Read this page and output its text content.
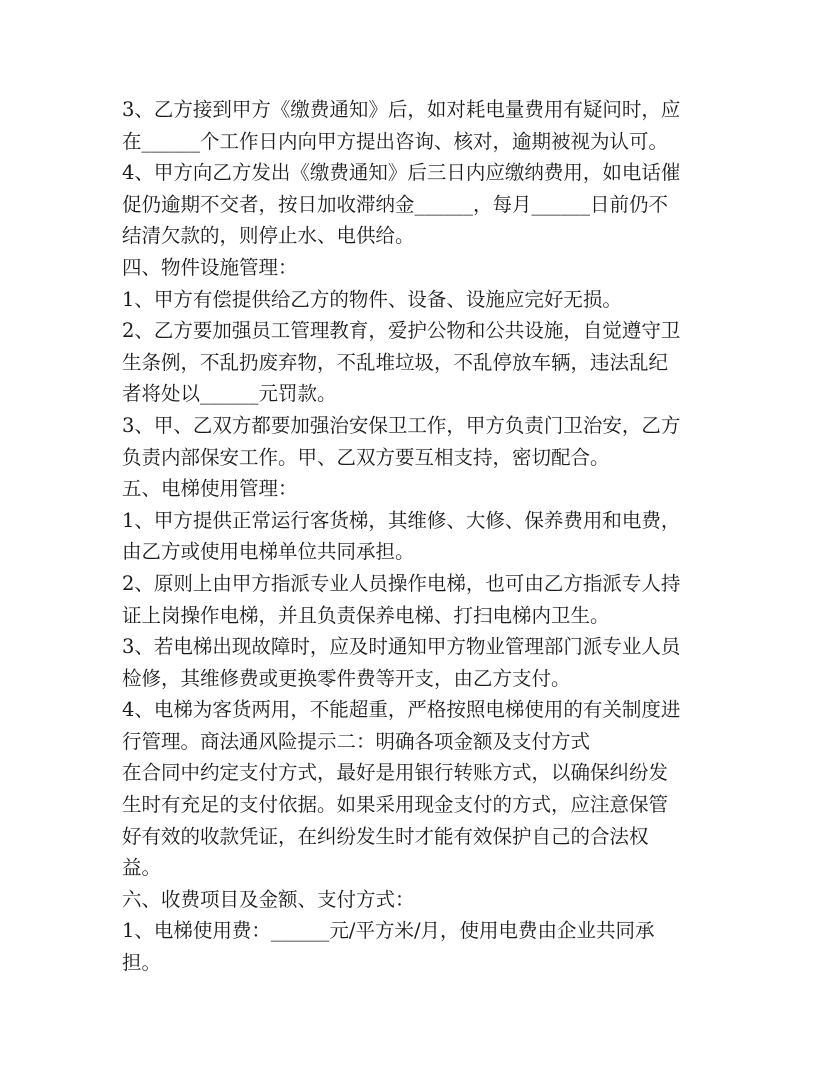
3、乙方接到甲方《缴费通知》后，如对耗电量费用有疑问时，应
在______个工作日内向甲方提出咨询、核对，逾期被视为认可。
4、甲方向乙方发出《缴费通知》后三日内应缴纳费用，如电话催
促仍逾期不交者，按日加收滞纳金______，每月______日前仍不
结清欠款的，则停止水、电供给。
四、物件设施管理：
1、甲方有偿提供给乙方的物件、设备、设施应完好无损。
2、乙方要加强员工管理教育，爱护公物和公共设施，自觉遵守卫
生条例，不乱扔废弃物，不乱堆垃圾，不乱停放车辆，违法乱纪
者将处以______元罚款。
3、甲、乙双方都要加强治安保卫工作，甲方负责门卫治安，乙方
负责内部保安工作。甲、乙双方要互相支持，密切配合。
五、电梯使用管理：
1、甲方提供正常运行客货梯，其维修、大修、保养费用和电费，
由乙方或使用电梯单位共同承担。
2、原则上由甲方指派专业人员操作电梯，也可由乙方指派专人持
证上岗操作电梯，并且负责保养电梯、打扫电梯内卫生。
3、若电梯出现故障时，应及时通知甲方物业管理部门派专业人员
检修，其维修费或更换零件费等开支，由乙方支付。
4、电梯为客货两用，不能超重，严格按照电梯使用的有关制度进
行管理。商法通风险提示二：明确各项金额及支付方式
在合同中约定支付方式，最好是用银行转账方式，以确保纠纷发
生时有充足的支付依据。如果采用现金支付的方式，应注意保管
好有效的收款凭证，在纠纷发生时才能有效保护自己的合法权
益。
六、收费项目及金额、支付方式：
1、电梯使用费：______元/平方米/月，使用电费由企业共同承
担。
